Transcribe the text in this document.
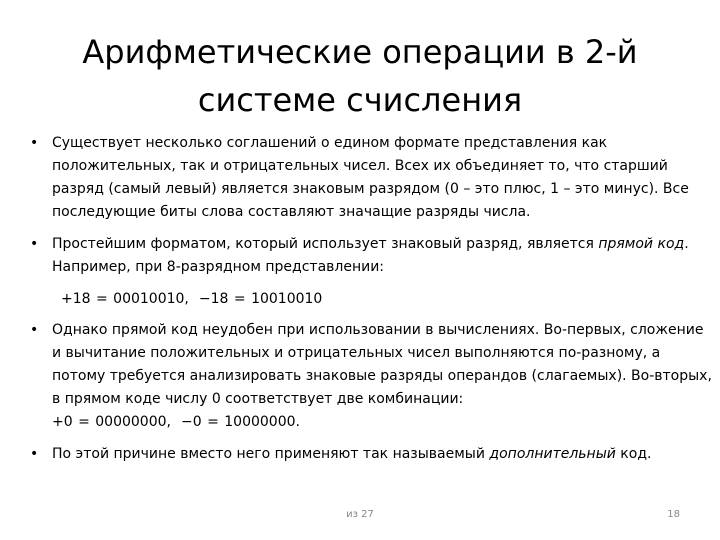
Арифметические операции в 2-й
системе счисления
• Существует несколько соглашений о едином формате представления как положительных, так и отрицательных чисел. Всех их объединяет то, что старший разряд (самый левый) является знаковым разрядом (0 – это плюс, 1 – это минус). Все последующие биты слова составляют значащие разряды числа.
• Простейшим форматом, который использует знаковый разряд, является прямой код. Например, при 8-разрядном представлении:
+18 = 00010010, −18 = 10010010
• Однако прямой код неудобен при использовании в вычислениях. Во-первых, сложение и вычитание положительных и отрицательных чисел выполняются по-разному, а потому требуется анализировать знаковые разряды операндов (слагаемых). Во-вторых, в прямом коде числу 0 соответствует две комбинации:
+0 = 00000000, −0 = 10000000.
• По этой причине вместо него применяют так называемый дополнительный код.
из 27	18
